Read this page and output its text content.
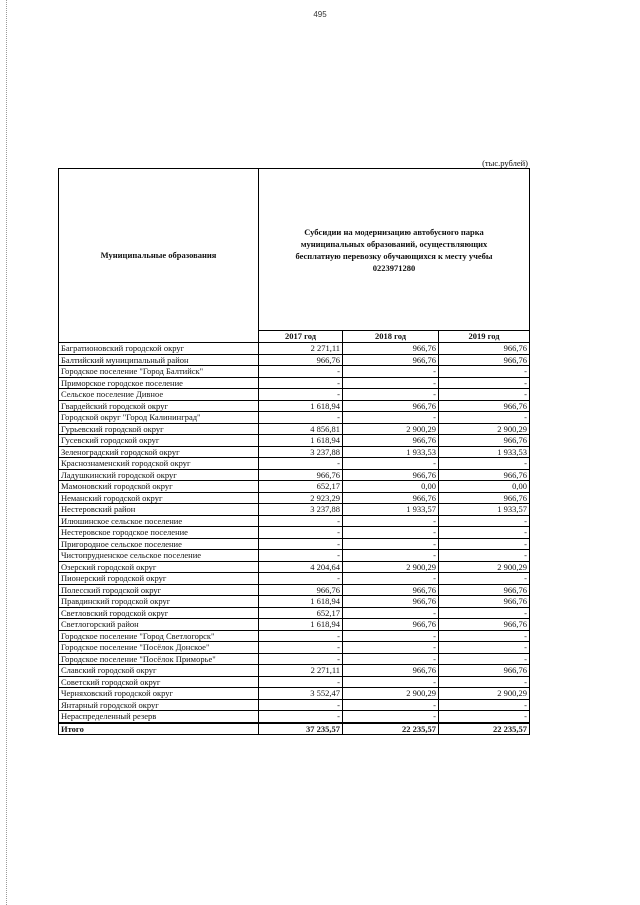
495
(тыс.рублей)
Муниципальные образования	Субсидии на модернизацию автобусного парка
муниципальных образований, осуществляющих
бесплатную перевозку обучающихся к месту учебы
0223971280		
	2017 год	2018 год	2019 год
Багратионовский городской округ	2 271,11	966,76	966,76
Балтийский муниципальный район	966,76	966,76	966,76
Городское поселение "Город Балтийск"	-	-	-
Приморское городское поселение	-	-	-
Сельское поселение Дивное	-	-	-
Гвардейский городской округ	1 618,94	966,76	966,76
Городской округ "Город Калининград"	-	-	-
Гурьевский городской округ	4 856,81	2 900,29	2 900,29
Гусевский городской округ	1 618,94	966,76	966,76
Зеленоградский городской округ	3 237,88	1 933,53	1 933,53
Краснознаменский городской округ	-	-	-
Ладушкинский городской округ	966,76	966,76	966,76
Мамоновский городской округ	652,17	0,00	0,00
Неманский городской округ	2 923,29	966,76	966,76
Нестеровский район	3 237,88	1 933,57	1 933,57
Илюшинское сельское поселение	-	-	-
Нестеровское городское поселение	-	-	-
Пригородное сельское поселение	-	-	-
Чистопрудненское сельское поселение	-	-	-
Озерский городской округ	4 204,64	2 900,29	2 900,29
Пионерский городской округ	-	-	-
Полесский городской округ	966,76	966,76	966,76
Правдинский городской округ	1 618,94	966,76	966,76
Светловский городской округ	652,17	-	-
Светлогорский район	1 618,94	966,76	966,76
Городское поселение "Город Светлогорск"	-	-	-
Городское поселение "Посёлок Донское"	-	-	-
Городское поселение "Посёлок Приморье"	-	-	-
Славский городской округ	2 271,11	966,76	966,76
Советский городской округ	-	-	-
Черняховский городской округ	3 552,47	2 900,29	2 900,29
Янтарный городской округ	-	-	-
Нераспределенный резерв	-	-	-
Итого	37 235,57	22 235,57	22 235,57
